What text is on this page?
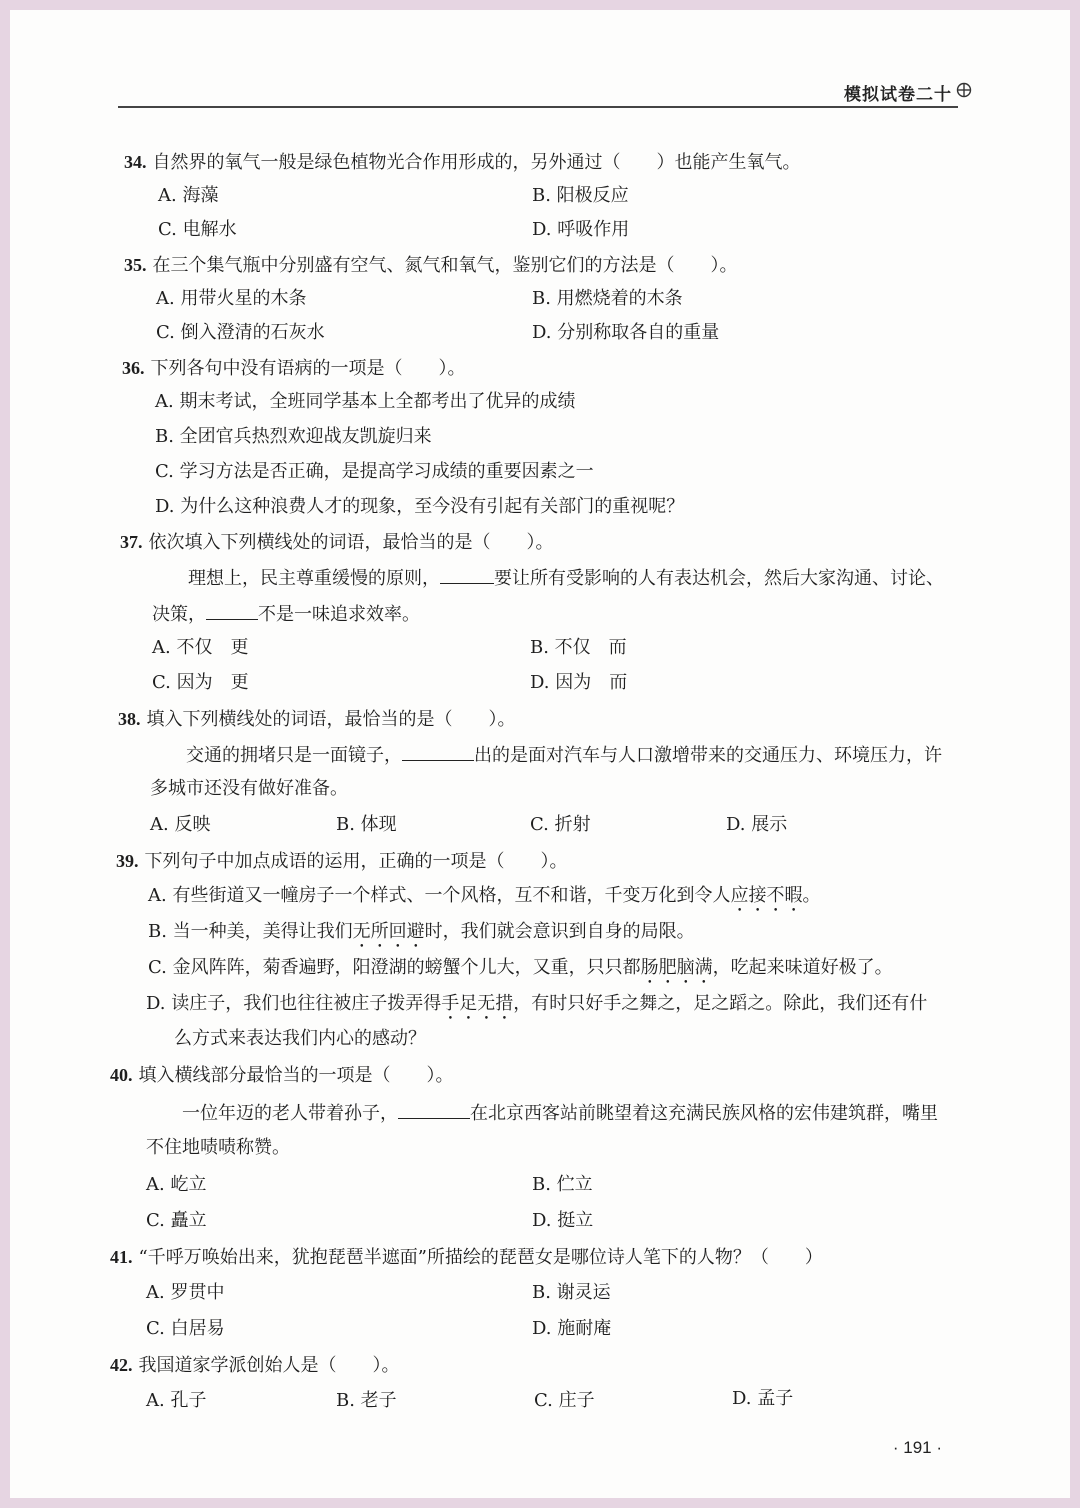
模拟试卷二十
34. 自然界的氧气一般是绿色植物光合作用形成的，另外通过（　　）也能产生氧气。
A. 海藻	B. 阳极反应
C. 电解水	D. 呼吸作用
35. 在三个集气瓶中分别盛有空气、氮气和氧气，鉴别它们的方法是（　　）。
A. 用带火星的木条	B. 用燃烧着的木条
C. 倒入澄清的石灰水	D. 分别称取各自的重量
36. 下列各句中没有语病的一项是（　　）。
A. 期末考试，全班同学基本上全都考出了优异的成绩
B. 全团官兵热烈欢迎战友凯旋归来
C. 学习方法是否正确，是提高学习成绩的重要因素之一
D. 为什么这种浪费人才的现象，至今没有引起有关部门的重视呢？
37. 依次填入下列横线处的词语，最恰当的是（　　）。
理想上，民主尊重缓慢的原则，	要让所有受影响的人有表达机会，然后大家沟通、讨论、
决策，	不是一味追求效率。
A. 不仅　更	B. 不仅　而
C. 因为　更	D. 因为　而
38. 填入下列横线处的词语，最恰当的是（　　）。
交通的拥堵只是一面镜子，	出的是面对汽车与人口激增带来的交通压力、环境压力，许
多城市还没有做好准备。
A. 反映	B. 体现	C. 折射	D. 展示
39. 下列句子中加点成语的运用，正确的一项是（　　）。
A. 有些街道又一幢房子一个样式、一个风格，互不和谐，千变万化到令人应接不暇。
B. 当一种美，美得让我们无所回避时，我们就会意识到自身的局限。
C. 金风阵阵，菊香遍野，阳澄湖的螃蟹个儿大，又重，只只都肠肥脑满，吃起来味道好极了。
D. 读庄子，我们也往往被庄子拨弄得手足无措，有时只好手之舞之，足之蹈之。除此，我们还有什
么方式来表达我们内心的感动？
40. 填入横线部分最恰当的一项是（　　）。
一位年迈的老人带着孙子，	在北京西客站前眺望着这充满民族风格的宏伟建筑群，嘴里
不住地啧啧称赞。
A. 屹立	B. 伫立
C. 矗立	D. 挺立
41. “千呼万唤始出来，犹抱琵琶半遮面”所描绘的琵琶女是哪位诗人笔下的人物？（　　）
A. 罗贯中	B. 谢灵运
C. 白居易	D. 施耐庵
42. 我国道家学派创始人是（　　）。
A. 孔子	B. 老子	C. 庄子	D. 孟子
· 191 ·
